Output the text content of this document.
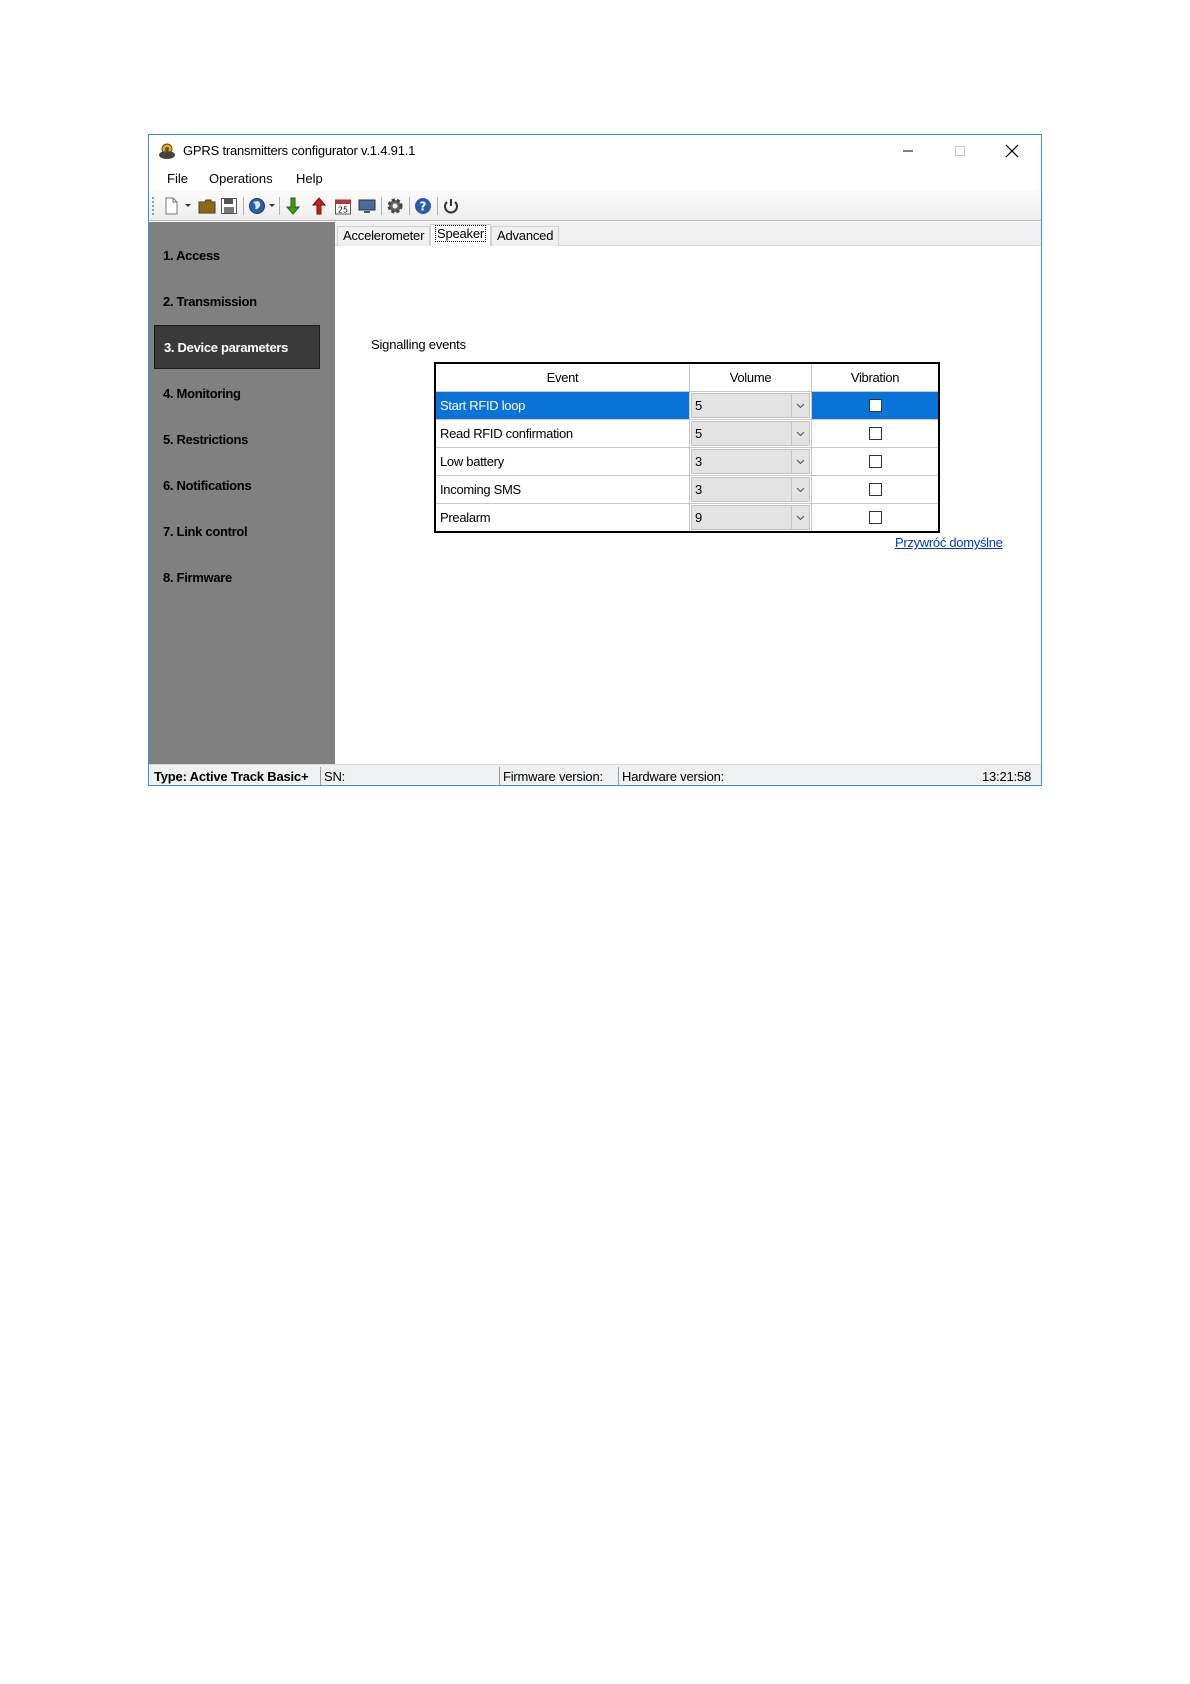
GPRS transmitters configurator v.1.4.91.1
File Operations Help
25	?
1. Access
2. Transmission
3. Device parameters
4. Monitoring
5. Restrictions
6. Notifications
7. Link control
8. Firmware
Accelerometer Speaker Advanced
Signalling events
Event	Volume	Vibration
Start RFID loop	5
Read RFID confirmation	5
Low battery	3
Incoming SMS	3
Prealarm	9
Przywróć domyślne
Type: Active Track Basic+ SN:	Firmware version: Hardware version:	13:21:58
